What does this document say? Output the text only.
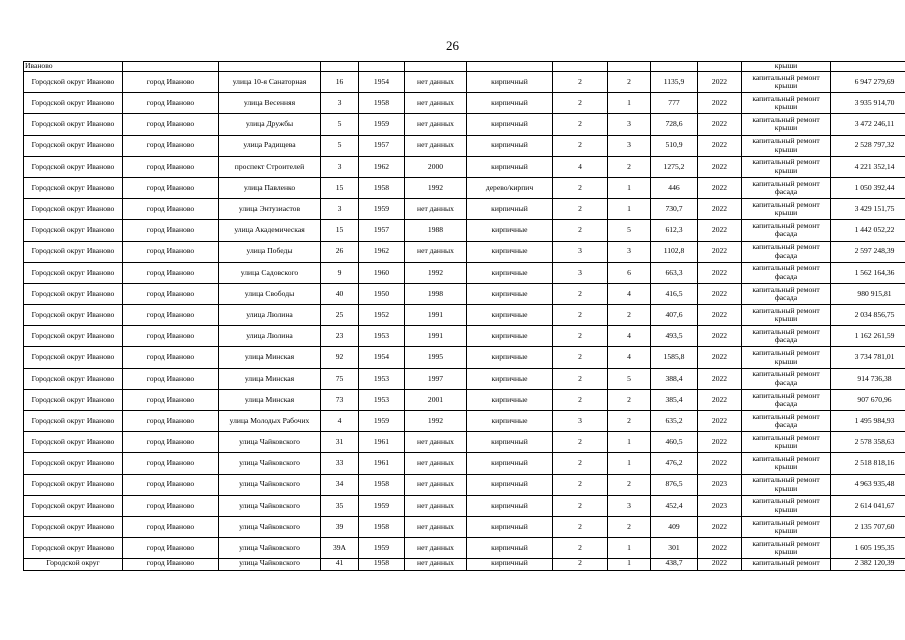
26
Иваново											крыши	
Городской округ Иваново	город Иваново	улица 10-я Санаторная	16	1954	нет данных	кирпичный	2	2	1135,9	2022	капитальный ремонт крыши	6 947 279,69
Городской округ Иваново	город Иваново	улица Весенняя	3	1958	нет данных	кирпичный	2	1	777	2022	капитальный ремонт крыши	3 935 914,70
Городской округ Иваново	город Иваново	улица Дружбы	5	1959	нет данных	кирпичный	2	3	728,6	2022	капитальный ремонт крыши	3 472 246,11
Городской округ Иваново	город Иваново	улица Радищева	5	1957	нет данных	кирпичный	2	3	510,9	2022	капитальный ремонт крыши	2 528 797,32
Городской округ Иваново	город Иваново	проспект Строителей	3	1962	2000	кирпичный	4	2	1275,2	2022	капитальный ремонт крыши	4 221 352,14
Городской округ Иваново	город Иваново	улица Павленко	15	1958	1992	дерево/кирпич	2	1	446	2022	капитальный ремонт фасада	1 050 392,44
Городской округ Иваново	город Иваново	улица Энтузиастов	3	1959	нет данных	кирпичный	2	1	730,7	2022	капитальный ремонт крыши	3 429 151,75
Городской округ Иваново	город Иваново	улица Академическая	15	1957	1988	кирпичные	2	5	612,3	2022	капитальный ремонт фасада	1 442 052,22
Городской округ Иваново	город Иваново	улица Победы	26	1962	нет данных	кирпичные	3	3	1102,8	2022	капитальный ремонт фасада	2 597 248,39
Городской округ Иваново	город Иваново	улица Садовского	9	1960	1992	кирпичные	3	6	663,3	2022	капитальный ремонт фасада	1 562 164,36
Городской округ Иваново	город Иваново	улица Свободы	40	1950	1998	кирпичные	2	4	416,5	2022	капитальный ремонт фасада	980 915,81
Городской округ Иваново	город Иваново	улица Люлина	25	1952	1991	кирпичные	2	2	407,6	2022	капитальный ремонт крыши	2 034 856,75
Городской округ Иваново	город Иваново	улица Люлина	23	1953	1991	кирпичные	2	4	493,5	2022	капитальный ремонт фасада	1 162 261,59
Городской округ Иваново	город Иваново	улица Минская	92	1954	1995	кирпичные	2	4	1585,8	2022	капитальный ремонт крыши	3 734 781,01
Городской округ Иваново	город Иваново	улица Минская	75	1953	1997	кирпичные	2	5	388,4	2022	капитальный ремонт фасада	914 736,38
Городской округ Иваново	город Иваново	улица Минская	73	1953	2001	кирпичные	2	2	385,4	2022	капитальный ремонт фасада	907 670,96
Городской округ Иваново	город Иваново	улица Молодых Рабочих	4	1959	1992	кирпичные	3	2	635,2	2022	капитальный ремонт фасада	1 495 984,93
Городской округ Иваново	город Иваново	улица Чайковского	31	1961	нет данных	кирпичный	2	1	460,5	2022	капитальный ремонт крыши	2 578 358,63
Городской округ Иваново	город Иваново	улица Чайковского	33	1961	нет данных	кирпичный	2	1	476,2	2022	капитальный ремонт крыши	2 518 818,16
Городской округ Иваново	город Иваново	улица Чайковского	34	1958	нет данных	кирпичный	2	2	876,5	2023	капитальный ремонт крыши	4 963 935,48
Городской округ Иваново	город Иваново	улица Чайковского	35	1959	нет данных	кирпичный	2	3	452,4	2023	капитальный ремонт крыши	2 614 041,67
Городской округ Иваново	город Иваново	улица Чайковского	39	1958	нет данных	кирпичный	2	2	409	2022	капитальный ремонт крыши	2 135 707,60
Городской округ Иваново	город Иваново	улица Чайковского	39А	1959	нет данных	кирпичный	2	1	301	2022	капитальный ремонт крыши	1 605 195,35
Городской округ	город Иваново	улица Чайковского	41	1958	нет данных	кирпичный	2	1	438,7	2022	капитальный ремонт	2 382 120,39
